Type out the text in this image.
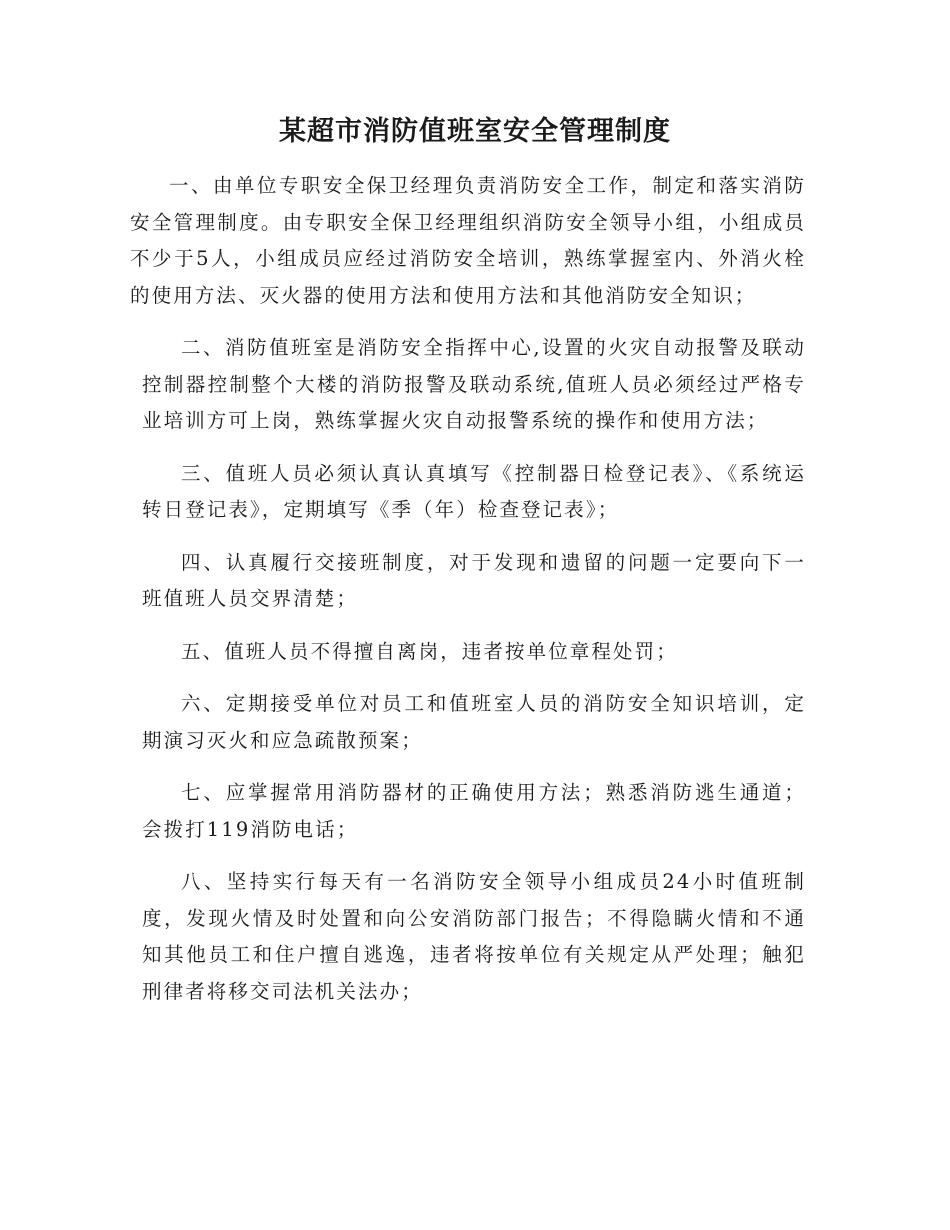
某超市消防值班室安全管理制度

一、由单位专职安全保卫经理负责消防安全工作，制定和落实消防安全管理制度。由专职安全保卫经理组织消防安全领导小组，小组成员不少于5人，小组成员应经过消防安全培训，熟练掌握室内、外消火栓的使用方法、灭火器的使用方法和使用方法和其他消防安全知识；

二、消防值班室是消防安全指挥中心,设置的火灾自动报警及联动控制器控制整个大楼的消防报警及联动系统,值班人员必须经过严格专业培训方可上岗，熟练掌握火灾自动报警系统的操作和使用方法；

三、值班人员必须认真认真填写《控制器日检登记表》、《系统运转日登记表》，定期填写《季（年）检查登记表》；

四、认真履行交接班制度，对于发现和遗留的问题一定要向下一班值班人员交界清楚；

五、值班人员不得擅自离岗，违者按单位章程处罚；

六、定期接受单位对员工和值班室人员的消防安全知识培训，定期演习灭火和应急疏散预案；

七、应掌握常用消防器材的正确使用方法；熟悉消防逃生通道；会拨打119消防电话；

八、坚持实行每天有一名消防安全领导小组成员24小时值班制度，发现火情及时处置和向公安消防部门报告；不得隐瞒火情和不通知其他员工和住户擅自逃逸，违者将按单位有关规定从严处理；触犯刑律者将移交司法机关法办；
